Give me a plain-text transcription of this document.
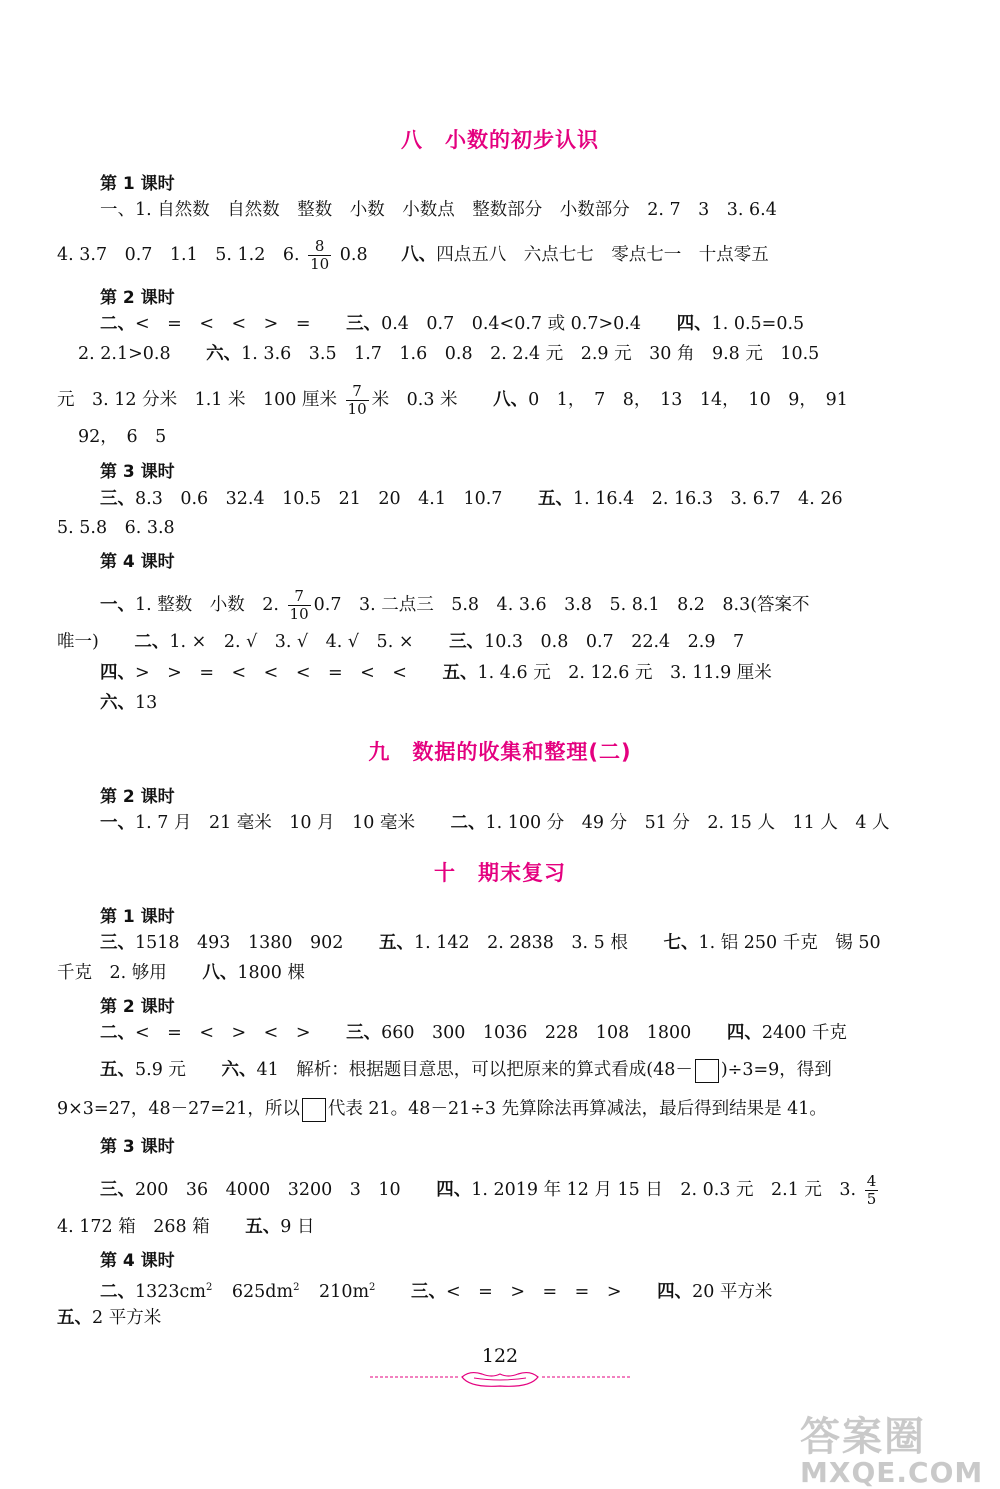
八　小数的初步认识
第 1 课时
一、1. 自然数　自然数　整数　小数　小数点　整数部分　小数部分　2. 7　3　3. 6.4
4. 3.7　0.7　1.1　5. 1.2　6. $\frac{8}{10} 0.8$ 八、四点五八　六点七七　零点七一　十点零五
第 2 课时
二、<　=　<　<　>　= 三、0.4　0.7　0.4<0.7 或 0.7>0.4 四、1. 0.5=0.5
2. 2.1>0.8 六、1. 3.6　3.5　1.7　1.6　0.8　2. 2.4 元　2.9 元　30 角　9.8 元　10.5
元　3. 12 分米　1.1 米　100 厘米 $\frac{7}{10}$ 米　0.3 米 八、0　1，　7　8，　13　14，　10　9，　91
92，　6　5
第 3 课时
三、8.3　0.6　32.4　10.5　21　20　4.1　10.7 五、1. 16.4　2. 16.3　3. 6.7　4. 26
5. 5.8　6. 3.8
第 4 课时
一、1. 整数　小数　2. $\frac{7}{10} 0.7$　3. 二点三　5.8　4. 3.6　3.8　5. 8.1　8.2　8.3(答案不
唯一) 二、1. ×　2. √　3. √　4. √　5. × 三、10.3　0.8　0.7　22.4　2.9　7
四、>　>　=　<　<　<　=　<　< 五、1. 4.6 元　2. 12.6 元　3. 11.9 厘米
六、13
九　数据的收集和整理(二)
第 2 课时
一、1. 7 月　21 毫米　10 月　10 毫米 二、1. 100 分　49 分　51 分　2. 15 人　11 人　4 人
十　期末复习
第 1 课时
三、1518　493　1380　902 五、1. 142　2. 2838　3. 5 根 七、1. 铝 250 千克　锡 50
千克　2. 够用 八、1800 棵
第 2 课时
二、<　=　<　>　<　> 三、660　300　1036　228　108　1800 四、2400 千克
五、5.9 元 六、41　解析：根据题目意思，可以把原来的算式看成(48－ )÷3=9，得到
9×3=27，48－27=21，所以 代表 21。48－21÷3 先算除法再算减法，最后得到结果是 41。
第 3 课时
三、200　36　4000　3200　3　10 四、1. 2019 年 12 月 15 日　2. 0.3 元　2.1 元　3. $\frac{4}{5}$
4. 172 箱　268 箱 五、9 日
第 4 课时
二、$1323cm^2$ $625dm^2$ $210m^2$ 三、<　=　>　=　=　> 四、20 平方米
五、2 平方米
122
答案圈
MXQE.COM
